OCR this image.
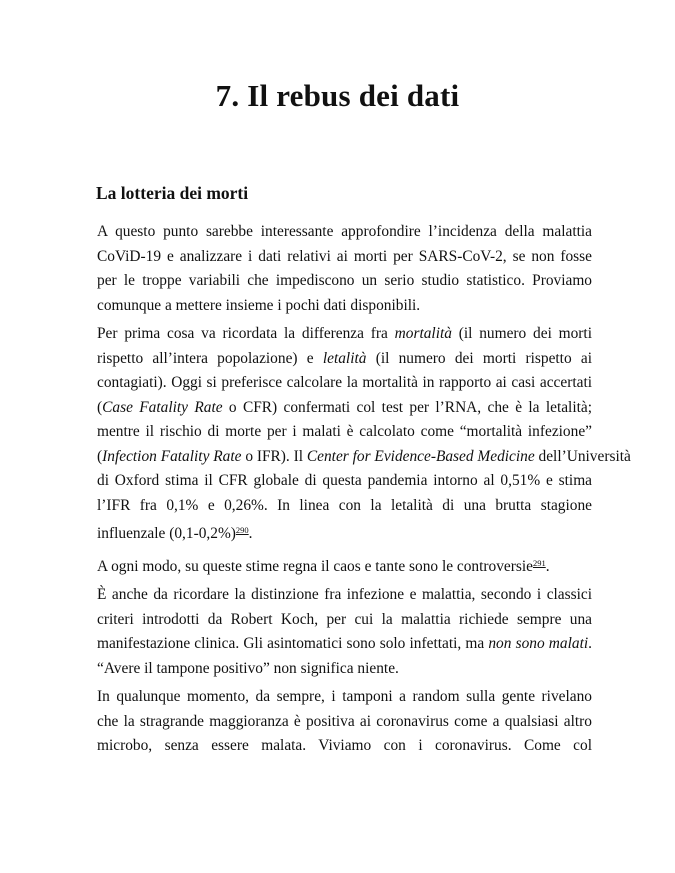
7. Il rebus dei dati
La lotteria dei morti

A questo punto sarebbe interessante approfondire l’incidenza della malattia
CoViD-19 e analizzare i dati relativi ai morti per SARS-CoV-2, se non fosse
per le troppe variabili che impediscono un serio studio statistico. Proviamo
comunque a mettere insieme i pochi dati disponibili.

Per prima cosa va ricordata la differenza fra mortalità (il numero dei morti
rispetto all’intera popolazione) e letalità (il numero dei morti rispetto ai
contagiati). Oggi si preferisce calcolare la mortalità in rapporto ai casi accertati
(Case Fatality Rate o CFR) confermati col test per l’RNA, che è la letalità;
mentre il rischio di morte per i malati è calcolato come “mortalità infezione”
(Infection Fatality Rate o IFR). Il Center for Evidence-Based Medicine dell’Università
di Oxford stima il CFR globale di questa pandemia intorno al 0,51% e stima
l’IFR fra 0,1% e 0,26%. In linea con la letalità di una brutta stagione
influenzale (0,1-0,2%)$^{290}$.

A ogni modo, su queste stime regna il caos e tante sono le controversie$^{291}$.

È anche da ricordare la distinzione fra infezione e malattia, secondo i classici
criteri introdotti da Robert Koch, per cui la malattia richiede sempre una
manifestazione clinica. Gli asintomatici sono solo infettati, ma non sono malati.
“Avere il tampone positivo” non significa niente.

In qualunque momento, da sempre, i tamponi a random sulla gente rivelano
che la stragrande maggioranza è positiva ai coronavirus come a qualsiasi altro
microbo, senza essere malata. Viviamo con i coronavirus. Come col
